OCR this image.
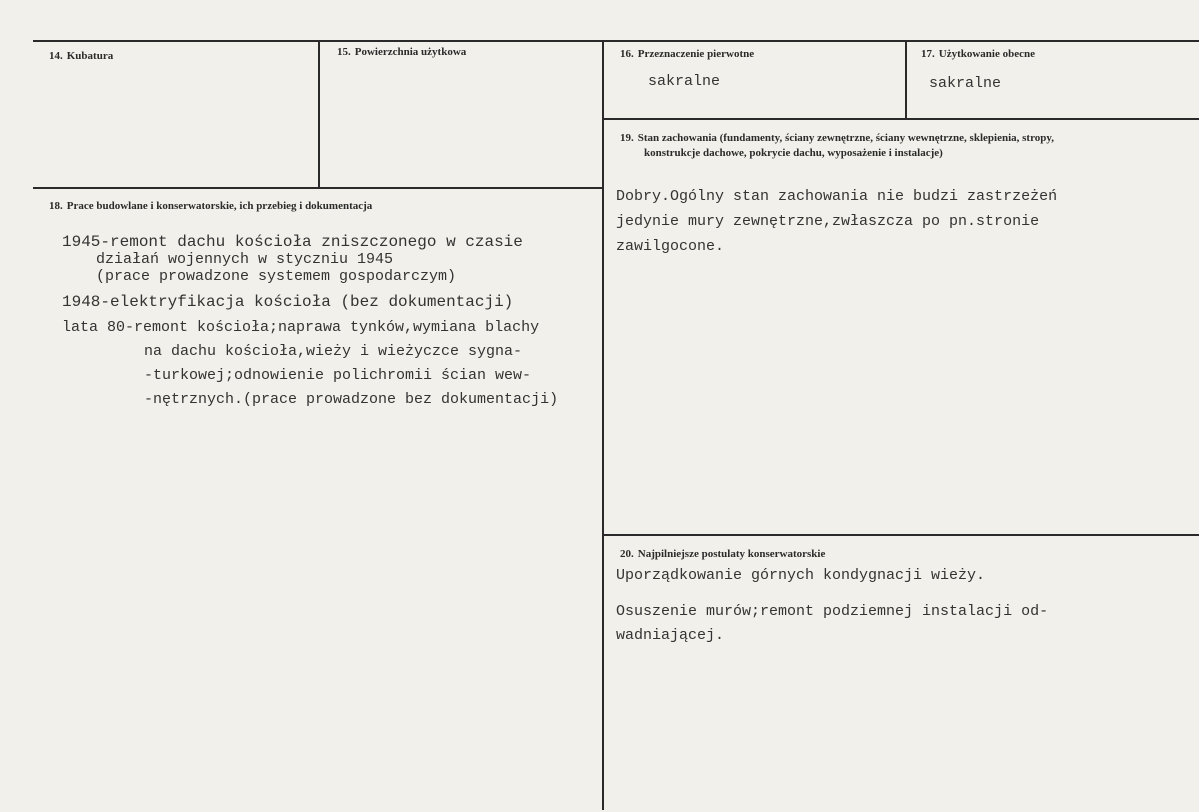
14. Kubatura	15. Powierzchnia użytkowa	16. Przeznaczenie pierwotne
sakralne
17. Użytkowanie obecne
sakralne
19. Stan zachowania (fundamenty, ściany zewnętrzne, ściany wewnętrzne, sklepienia, stropy,
konstrukcje dachowe, pokrycie dachu, wyposażenie i instalacje)
Dobry.Ogólny stan zachowania nie budzi zastrzeżeń
jedynie mury zewnętrzne,zwłaszcza po pn.stronie
zawilgocone.
18. Prace budowlane i konserwatorskie, ich przebieg i dokumentacja
1945-remont dachu kościoła zniszczonego w czasie
działań wojennych w styczniu 1945
(prace prowadzone systemem gospodarczym)
1948-elektryfikacja kościoła (bez dokumentacji)
lata 80-remont kościoła;naprawa tynków,wymiana blachy
na dachu kościoła,wieży i wieżyczce sygna-
-turkowej;odnowienie polichromii ścian wew-
-nętrznych.(prace prowadzone bez dokumentacji)
20. Najpilniejsze postulaty konserwatorskie
Uporządkowanie górnych kondygnacji wieży.
Osuszenie murów;remont podziemnej instalacji od-
wadniającej.
